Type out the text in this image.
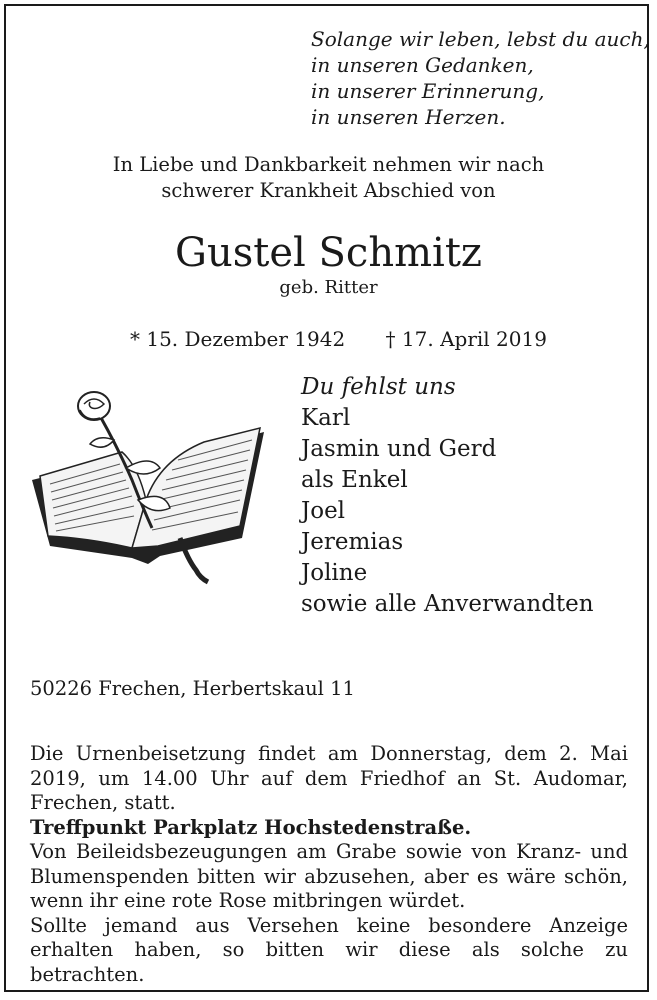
Solange wir leben, lebst du auch,
in unseren Gedanken,
in unserer Erinnerung,
in unseren Herzen.
In Liebe und Dankbarkeit nehmen wir nach
schwerer Krankheit Abschied von
Gustel Schmitz
geb. Ritter
* 15. Dezember 1942 † 17. April 2019
Du fehlst uns
Karl
Jasmin und Gerd
als Enkel
Joel
Jeremias
Joline
sowie alle Anverwandten
50226 Frechen, Herbertskaul 11

Die Urnenbeisetzung findet am Donnerstag, dem 2. Mai 2019, um 14.00 Uhr auf dem Friedhof an St. Audomar, Frechen, statt.

Treffpunkt Parkplatz Hochstedenstraße.

Von Beileidsbezeugungen am Grabe sowie von Kranz- und Blumenspenden bitten wir abzusehen, aber es wäre schön, wenn ihr eine rote Rose mitbringen würdet.

Sollte jemand aus Versehen keine besondere Anzeige erhalten haben, so bitten wir diese als solche zu betrachten.
